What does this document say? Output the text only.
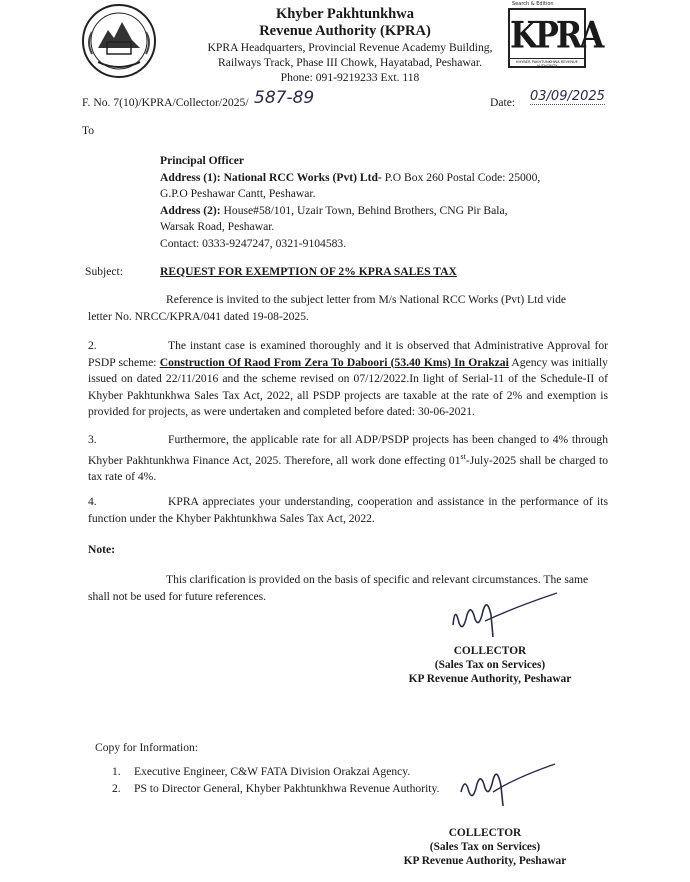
Khyber Pakhtunkhwa
Revenue Authority (KPRA)
KPRA Headquarters, Provincial Revenue Academy Building,
Railways Track, Phase III Chowk, Hayatabad, Peshawar.
Phone: 091-9219233 Ext. 118
Search & Edition
KPRA
KHYBER PAKHTUNKHWA REVENUE AUTHORITY
F. No. 7(10)/KPRA/Collector/2025/ 587-89	Date: 03/09/2025
To
Principal Officer
Address (1): National RCC Works (Pvt) Ltd- P.O Box 260 Postal Code: 25000,
G.P.O Peshawar Cantt, Peshawar.
Address (2): House#58/101, Uzair Town, Behind Brothers, CNG Pir Bala,
Warsak Road, Peshawar.
Contact: 0333-9247247, 0321-9104583.
Subject:	REQUEST FOR EXEMPTION OF 2% KPRA SALES TAX
Reference is invited to the subject letter from M/s National RCC Works (Pvt) Ltd vide
letter No. NRCC/KPRA/041 dated 19-08-2025.
2.	The instant case is examined thoroughly and it is observed that Administrative Approval for PSDP scheme: Construction Of Raod From Zera To Daboori (53.40 Kms) In Orakzai Agency was initially issued on dated 22/11/2016 and the scheme revised on 07/12/2022.In light of Serial-11 of the Schedule-II of Khyber Pakhtunkhwa Sales Tax Act, 2022, all PSDP projects are taxable at the rate of 2% and exemption is provided for projects, as were undertaken and completed before dated: 30-06-2021.
3.	Furthermore, the applicable rate for all ADP/PSDP projects has been changed to 4% through Khyber Pakhtunkhwa Finance Act, 2025. Therefore, all work done effecting 01st-July-2025 shall be charged to tax rate of 4%.
4.	KPRA appreciates your understanding, cooperation and assistance in the performance of its function under the Khyber Pakhtunkhwa Sales Tax Act, 2022.
Note:
This clarification is provided on the basis of specific and relevant circumstances. The same
shall not be used for future references.
COLLECTOR
(Sales Tax on Services)
KP Revenue Authority, Peshawar
Copy for Information:
1. Executive Engineer, C&W FATA Division Orakzai Agency.
2. PS to Director General, Khyber Pakhtunkhwa Revenue Authority.
COLLECTOR
(Sales Tax on Services)
KP Revenue Authority, Peshawar
